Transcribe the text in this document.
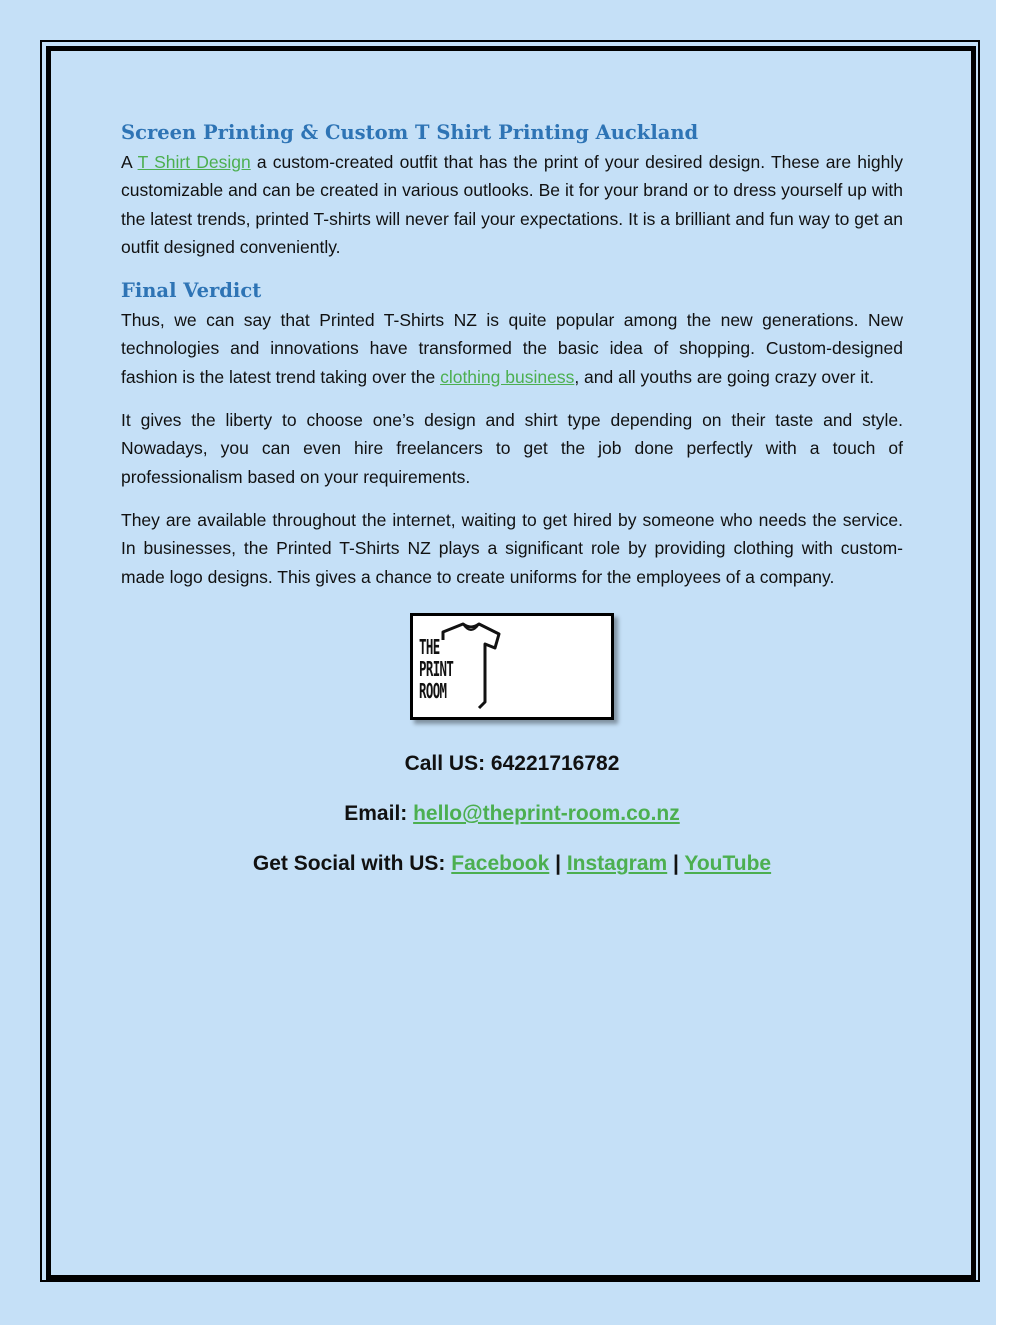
Screen Printing & Custom T Shirt Printing Auckland

A T Shirt Design a custom-created outfit that has the print of your desired design. These are highly customizable and can be created in various outlooks. Be it for your brand or to dress yourself up with the latest trends, printed T-shirts will never fail your expectations. It is a brilliant and fun way to get an outfit designed conveniently.

Final Verdict

Thus, we can say that Printed T-Shirts NZ is quite popular among the new generations. New technologies and innovations have transformed the basic idea of shopping. Custom-designed fashion is the latest trend taking over the clothing business, and all youths are going crazy over it.

It gives the liberty to choose one’s design and shirt type depending on their taste and style. Nowadays, you can even hire freelancers to get the job done perfectly with a touch of professionalism based on your requirements.

They are available throughout the internet, waiting to get hired by someone who needs the service. In businesses, the Printed T-Shirts NZ plays a significant role by providing clothing with custom-made logo designs. This gives a chance to create uniforms for the employees of a company.

THE
PRINT
ROOM
Call US: 64221716782
Email: hello@theprint-room.co.nz
Get Social with US: Facebook | Instagram | YouTube
